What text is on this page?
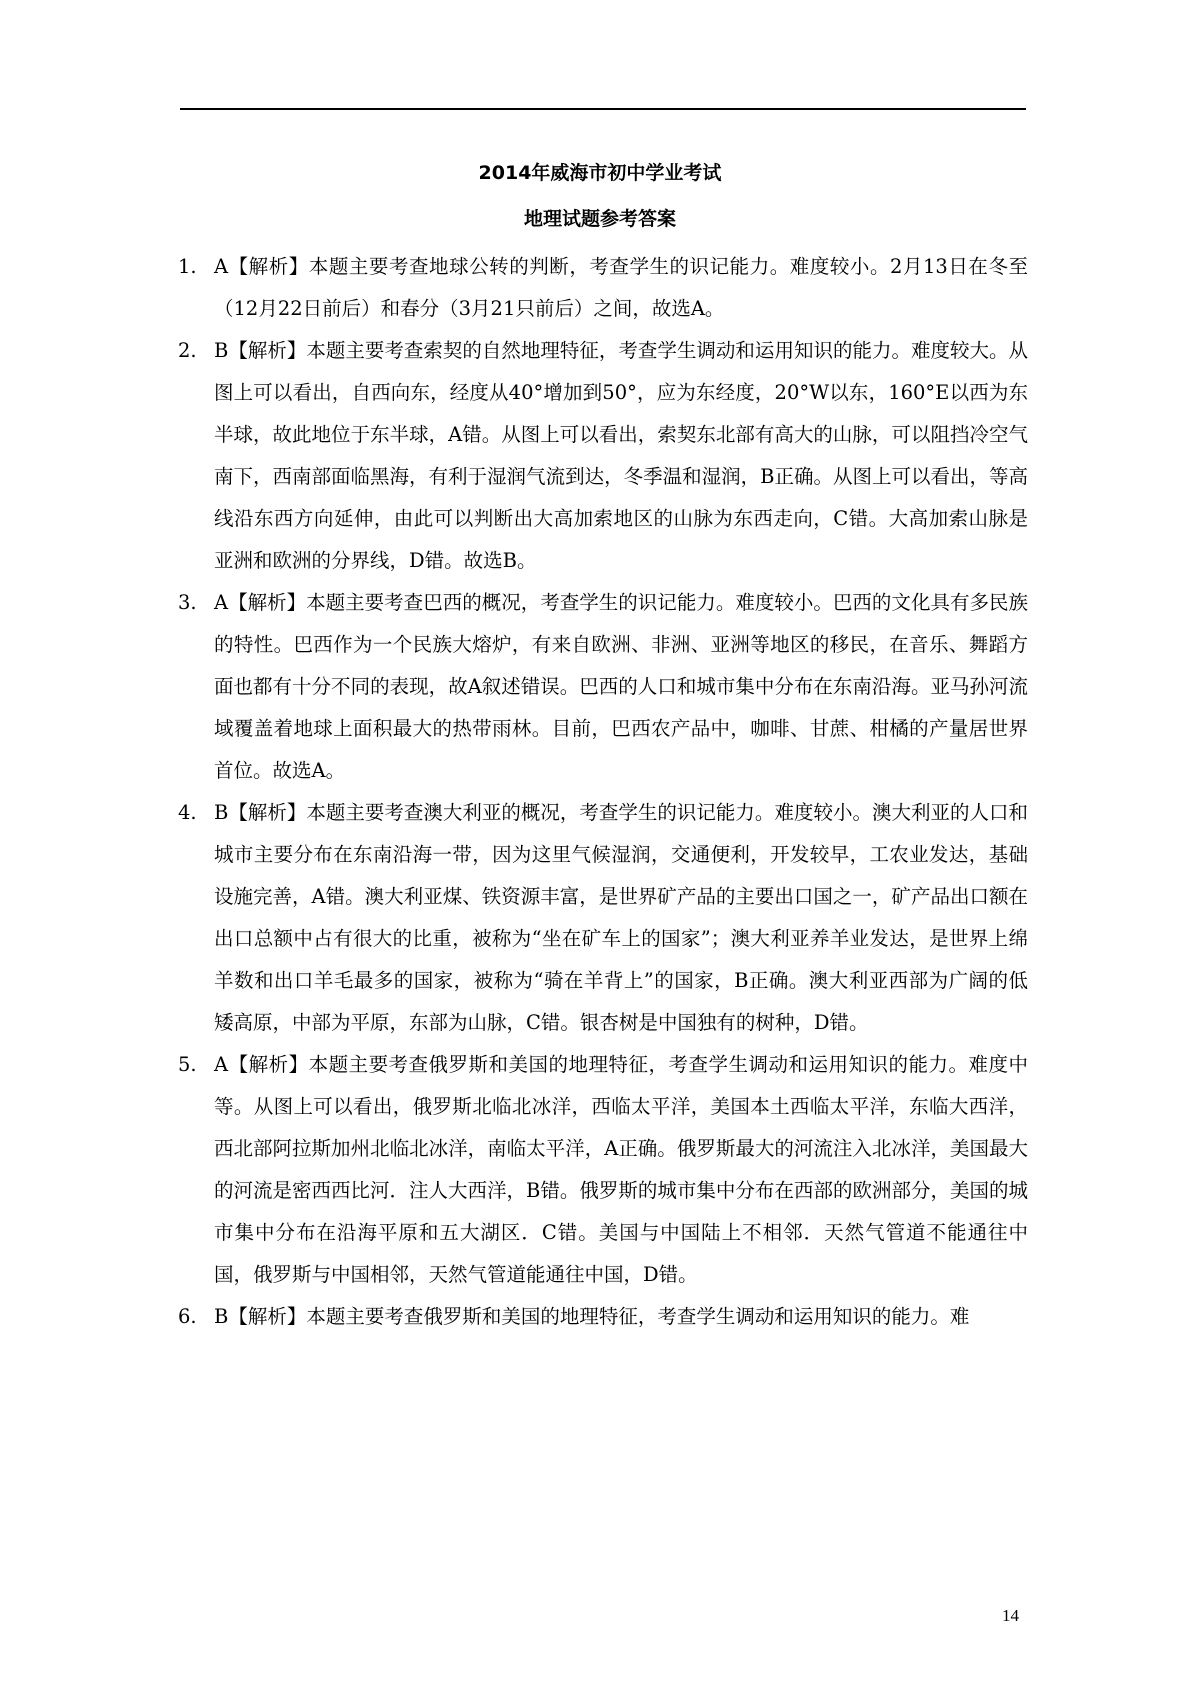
2014年威海市初中学业考试
地理试题参考答案
1. A【解析】本题主要考查地球公转的判断，考查学生的识记能力。难度较小。2月13日在冬至（12月22日前后）和春分（3月21只前后）之间，故选A。
2. B【解析】本题主要考查索契的自然地理特征，考查学生调动和运用知识的能力。难度较大。从图上可以看出，自西向东，经度从40°增加到50°，应为东经度，20°W以东，160°E以西为东半球，故此地位于东半球，A错。从图上可以看出，索契东北部有高大的山脉，可以阻挡冷空气南下，西南部面临黑海，有利于湿润气流到达，冬季温和湿润，B正确。从图上可以看出，等高线沿东西方向延伸，由此可以判断出大高加索地区的山脉为东西走向，C错。大高加索山脉是亚洲和欧洲的分界线，D错。故选B。
3. A【解析】本题主要考查巴西的概况，考查学生的识记能力。难度较小。巴西的文化具有多民族的特性。巴西作为一个民族大熔炉，有来自欧洲、非洲、亚洲等地区的移民，在音乐、舞蹈方面也都有十分不同的表现，故A叙述错误。巴西的人口和城市集中分布在东南沿海。亚马孙河流域覆盖着地球上面积最大的热带雨林。目前，巴西农产品中，咖啡、甘蔗、柑橘的产量居世界首位。故选A。
4. B【解析】本题主要考查澳大利亚的概况，考查学生的识记能力。难度较小。澳大利亚的人口和城市主要分布在东南沿海一带，因为这里气候湿润，交通便利，开发较早，工农业发达，基础设施完善，A错。澳大利亚煤、铁资源丰富，是世界矿产品的主要出口国之一，矿产品出口额在出口总额中占有很大的比重，被称为“坐在矿车上的国家”；澳大利亚养羊业发达，是世界上绵羊数和出口羊毛最多的国家，被称为“骑在羊背上”的国家，B正确。澳大利亚西部为广阔的低矮高原，中部为平原，东部为山脉，C错。银杏树是中国独有的树种，D错。
5. A【解析】本题主要考查俄罗斯和美国的地理特征，考查学生调动和运用知识的能力。难度中等。从图上可以看出，俄罗斯北临北冰洋，西临太平洋，美国本土西临太平洋，东临大西洋，西北部阿拉斯加州北临北冰洋，南临太平洋，A正确。俄罗斯最大的河流注入北冰洋，美国最大的河流是密西西比河．注人大西洋，B错。俄罗斯的城市集中分布在西部的欧洲部分，美国的城市集中分布在沿海平原和五大湖区．C错。美国与中国陆上不相邻．天然气管道不能通往中国，俄罗斯与中国相邻，天然气管道能通往中国，D错。
6. B【解析】本题主要考查俄罗斯和美国的地理特征，考查学生调动和运用知识的能力。难
14
